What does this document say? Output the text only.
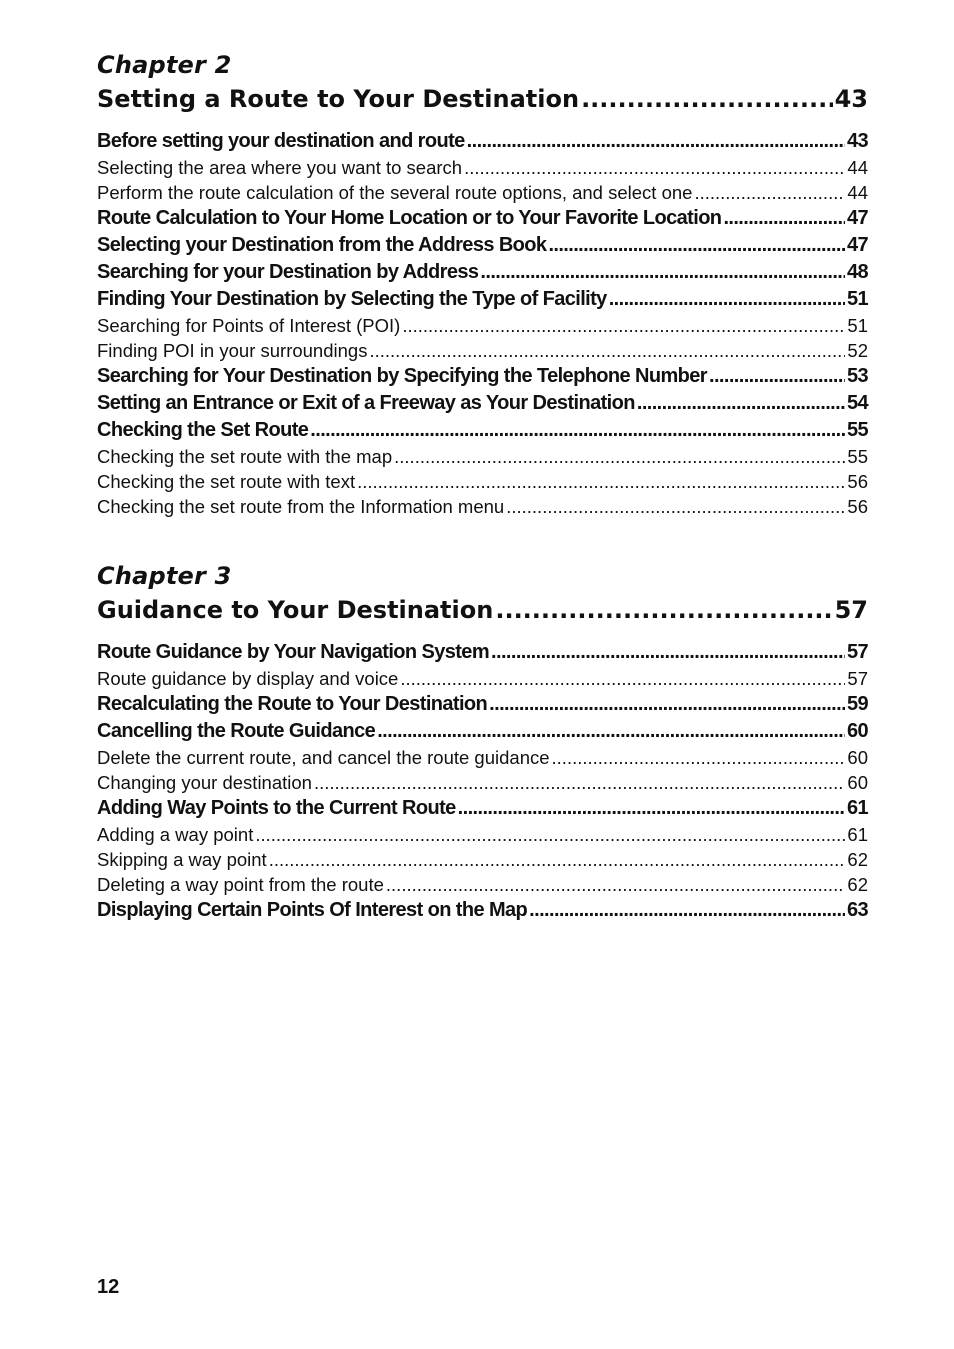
Chapter 2
Setting a Route to Your Destination .....	43
Before setting your destination and route .....	43
Selecting the area where you want to search .....	44
Perform the route calculation of the several route options, and select one .....	44
Route Calculation to Your Home Location or to Your Favorite Location .....	47
Selecting your Destination from the Address Book .....	47
Searching for your Destination by Address .....	48
Finding Your Destination by Selecting the Type of Facility .....	51
Searching for Points of Interest (POI) .....	51
Finding POI in your surroundings .....	52
Searching for Your Destination by Specifying the Telephone Number .....	53
Setting an Entrance or Exit of a Freeway as Your Destination .....	54
Checking the Set Route .....	55
Checking the set route with the map .....	55
Checking the set route with text .....	56
Checking the set route from the Information menu .....	56
Chapter 3
Guidance to Your Destination .....	57
Route Guidance by Your Navigation System .....	57
Route guidance by display and voice .....	57
Recalculating the Route to Your Destination .....	59
Cancelling the Route Guidance .....	60
Delete the current route, and cancel the route guidance .....	60
Changing your destination .....	60
Adding Way Points to the Current Route .....	61
Adding a way point .....	61
Skipping a way point .....	62
Deleting a way point from the route .....	62
Displaying Certain Points Of Interest on the Map .....	63
12
